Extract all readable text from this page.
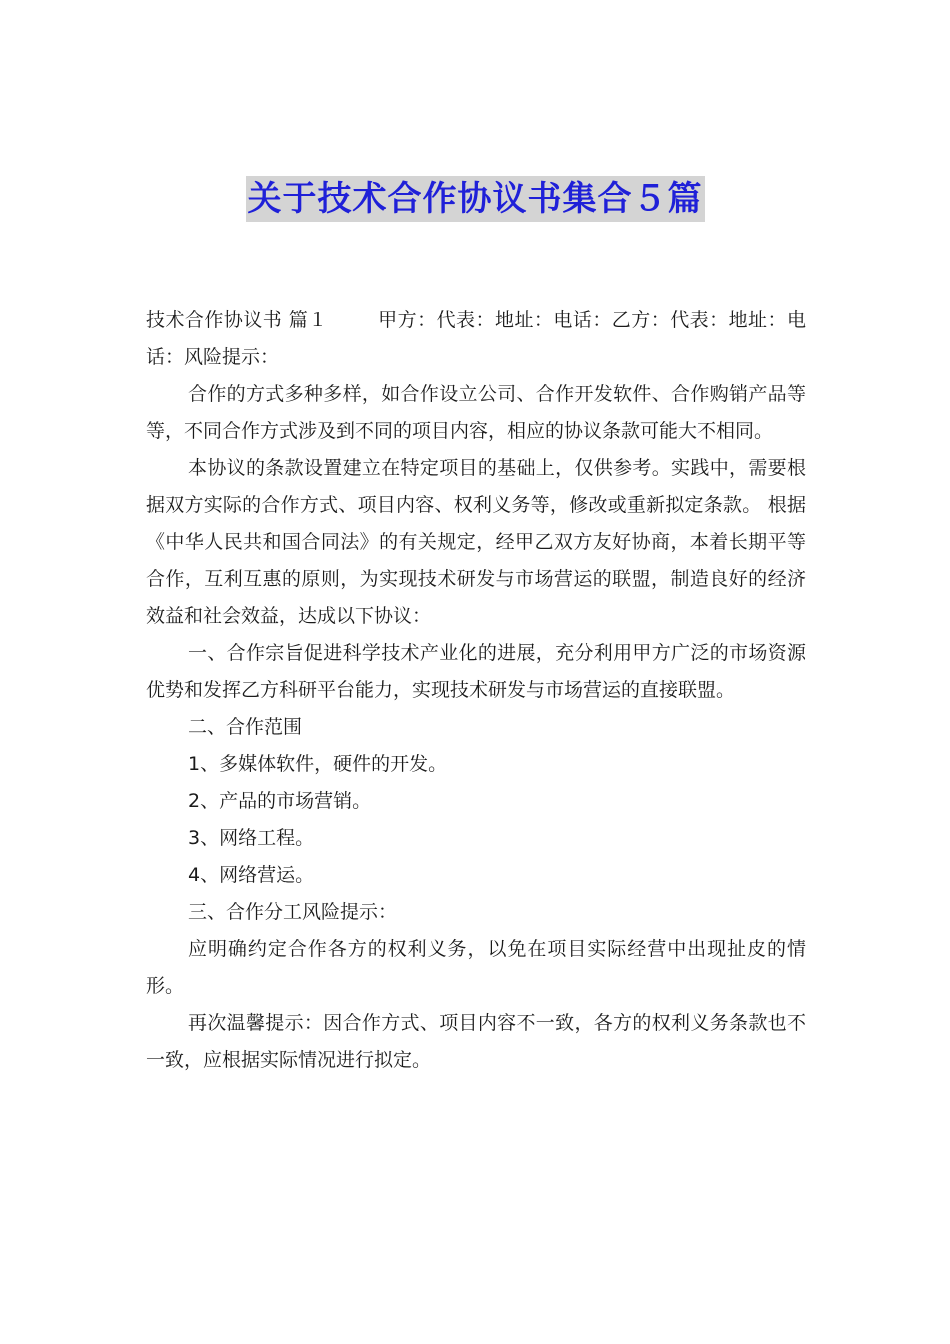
关于技术合作协议书集合５篇

技术合作协议书 篇１	甲方：代表：地址：电话：乙方：代表：地址：电话：风险提示：

合作的方式多种多样，如合作设立公司、合作开发软件、合作购销产品等等，不同合作方式涉及到不同的项目内容，相应的协议条款可能大不相同。

本协议的条款设置建立在特定项目的基础上，仅供参考。实践中，需要根据双方实际的合作方式、项目内容、权利义务等，修改或重新拟定条款。 根据《中华人民共和国合同法》的有关规定，经甲乙双方友好协商，本着长期平等合作，互利互惠的原则，为实现技术研发与市场营运的联盟，制造良好的经济效益和社会效益，达成以下协议：

一、合作宗旨促进科学技术产业化的进展，充分利用甲方广泛的市场资源优势和发挥乙方科研平台能力，实现技术研发与市场营运的直接联盟。

二、合作范围

1、多媒体软件，硬件的开发。

2、产品的市场营销。

3、网络工程。

4、网络营运。

三、合作分工风险提示：

应明确约定合作各方的权利义务，以免在项目实际经营中出现扯皮的情形。

再次温馨提示：因合作方式、项目内容不一致，各方的权利义务条款也不一致，应根据实际情况进行拟定。
